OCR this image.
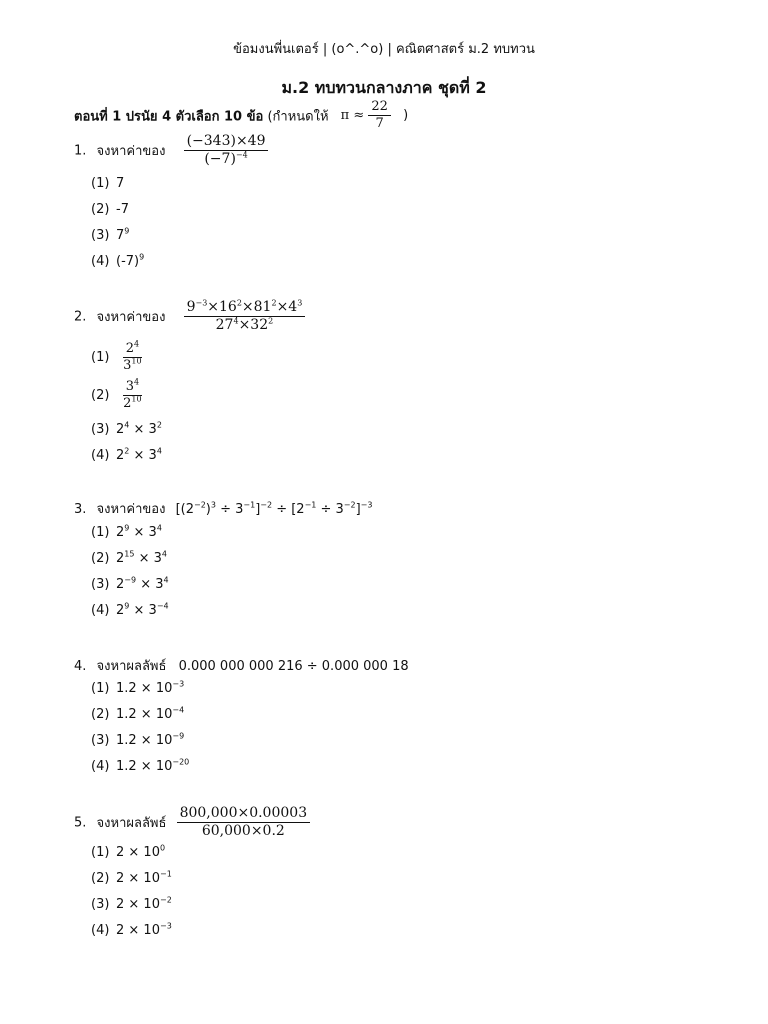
ข้อมงนพี่นเตอร์ | (o^.^o) | คณิตศาสตร์ ม.2 ทบทวน
ม.2 ทบทวนกลางภาค ชุดที่ 2
ตอนที่ 1 ปรนัย 4 ตัวเลือก 10 ข้อ (กำหนดให้ $\pi \approx \frac{22}{7}$ )
1. จงหาค่าของ $\frac{(-343)\times 49}{(-7)^{-4}}$
(1) 7
(2) -7
(3) $7^9$
(4) $(-7)^9$
2. จงหาค่าของ $\frac{9^{-3}\times 16^2\times 81^2\times 4^3}{27^4\times 32^2}$
$(1) \frac{2^4}{3^{10}}$
$(2) \frac{3^4}{2^{10}}$
(3) $2^4 \times 3^2$
(4) $2^2 \times 3^4$
3. จงหาค่าของ $[(2^{-2})^3 \div 3^{-1}]^{-2} \div [2^{-1} \div 3^{-2}]^{-3}$
(1) $2^9 \times 3^4$
(2) $2^{15} \times 3^4$
(3) $2^{-9} \times 3^4$
(4) $2^9 \times 3^{-4}$
4. จงหาผลลัพธ์ 0.000 000 000 216 ÷ 0.000 000 18
(1) $1.2 \times 10^{-3}$
(2) $1.2 \times 10^{-4}$
(3) $1.2 \times 10^{-9}$
(4) $1.2 \times 10^{-20}$
5. จงหาผลลัพธ์ $\frac{800,000\times 0.00003}{60,000\times 0.2}$
(1) $2 \times 10^0$
(2) $2 \times 10^{-1}$
(3) $2 \times 10^{-2}$
(4) $2 \times 10^{-3}$
